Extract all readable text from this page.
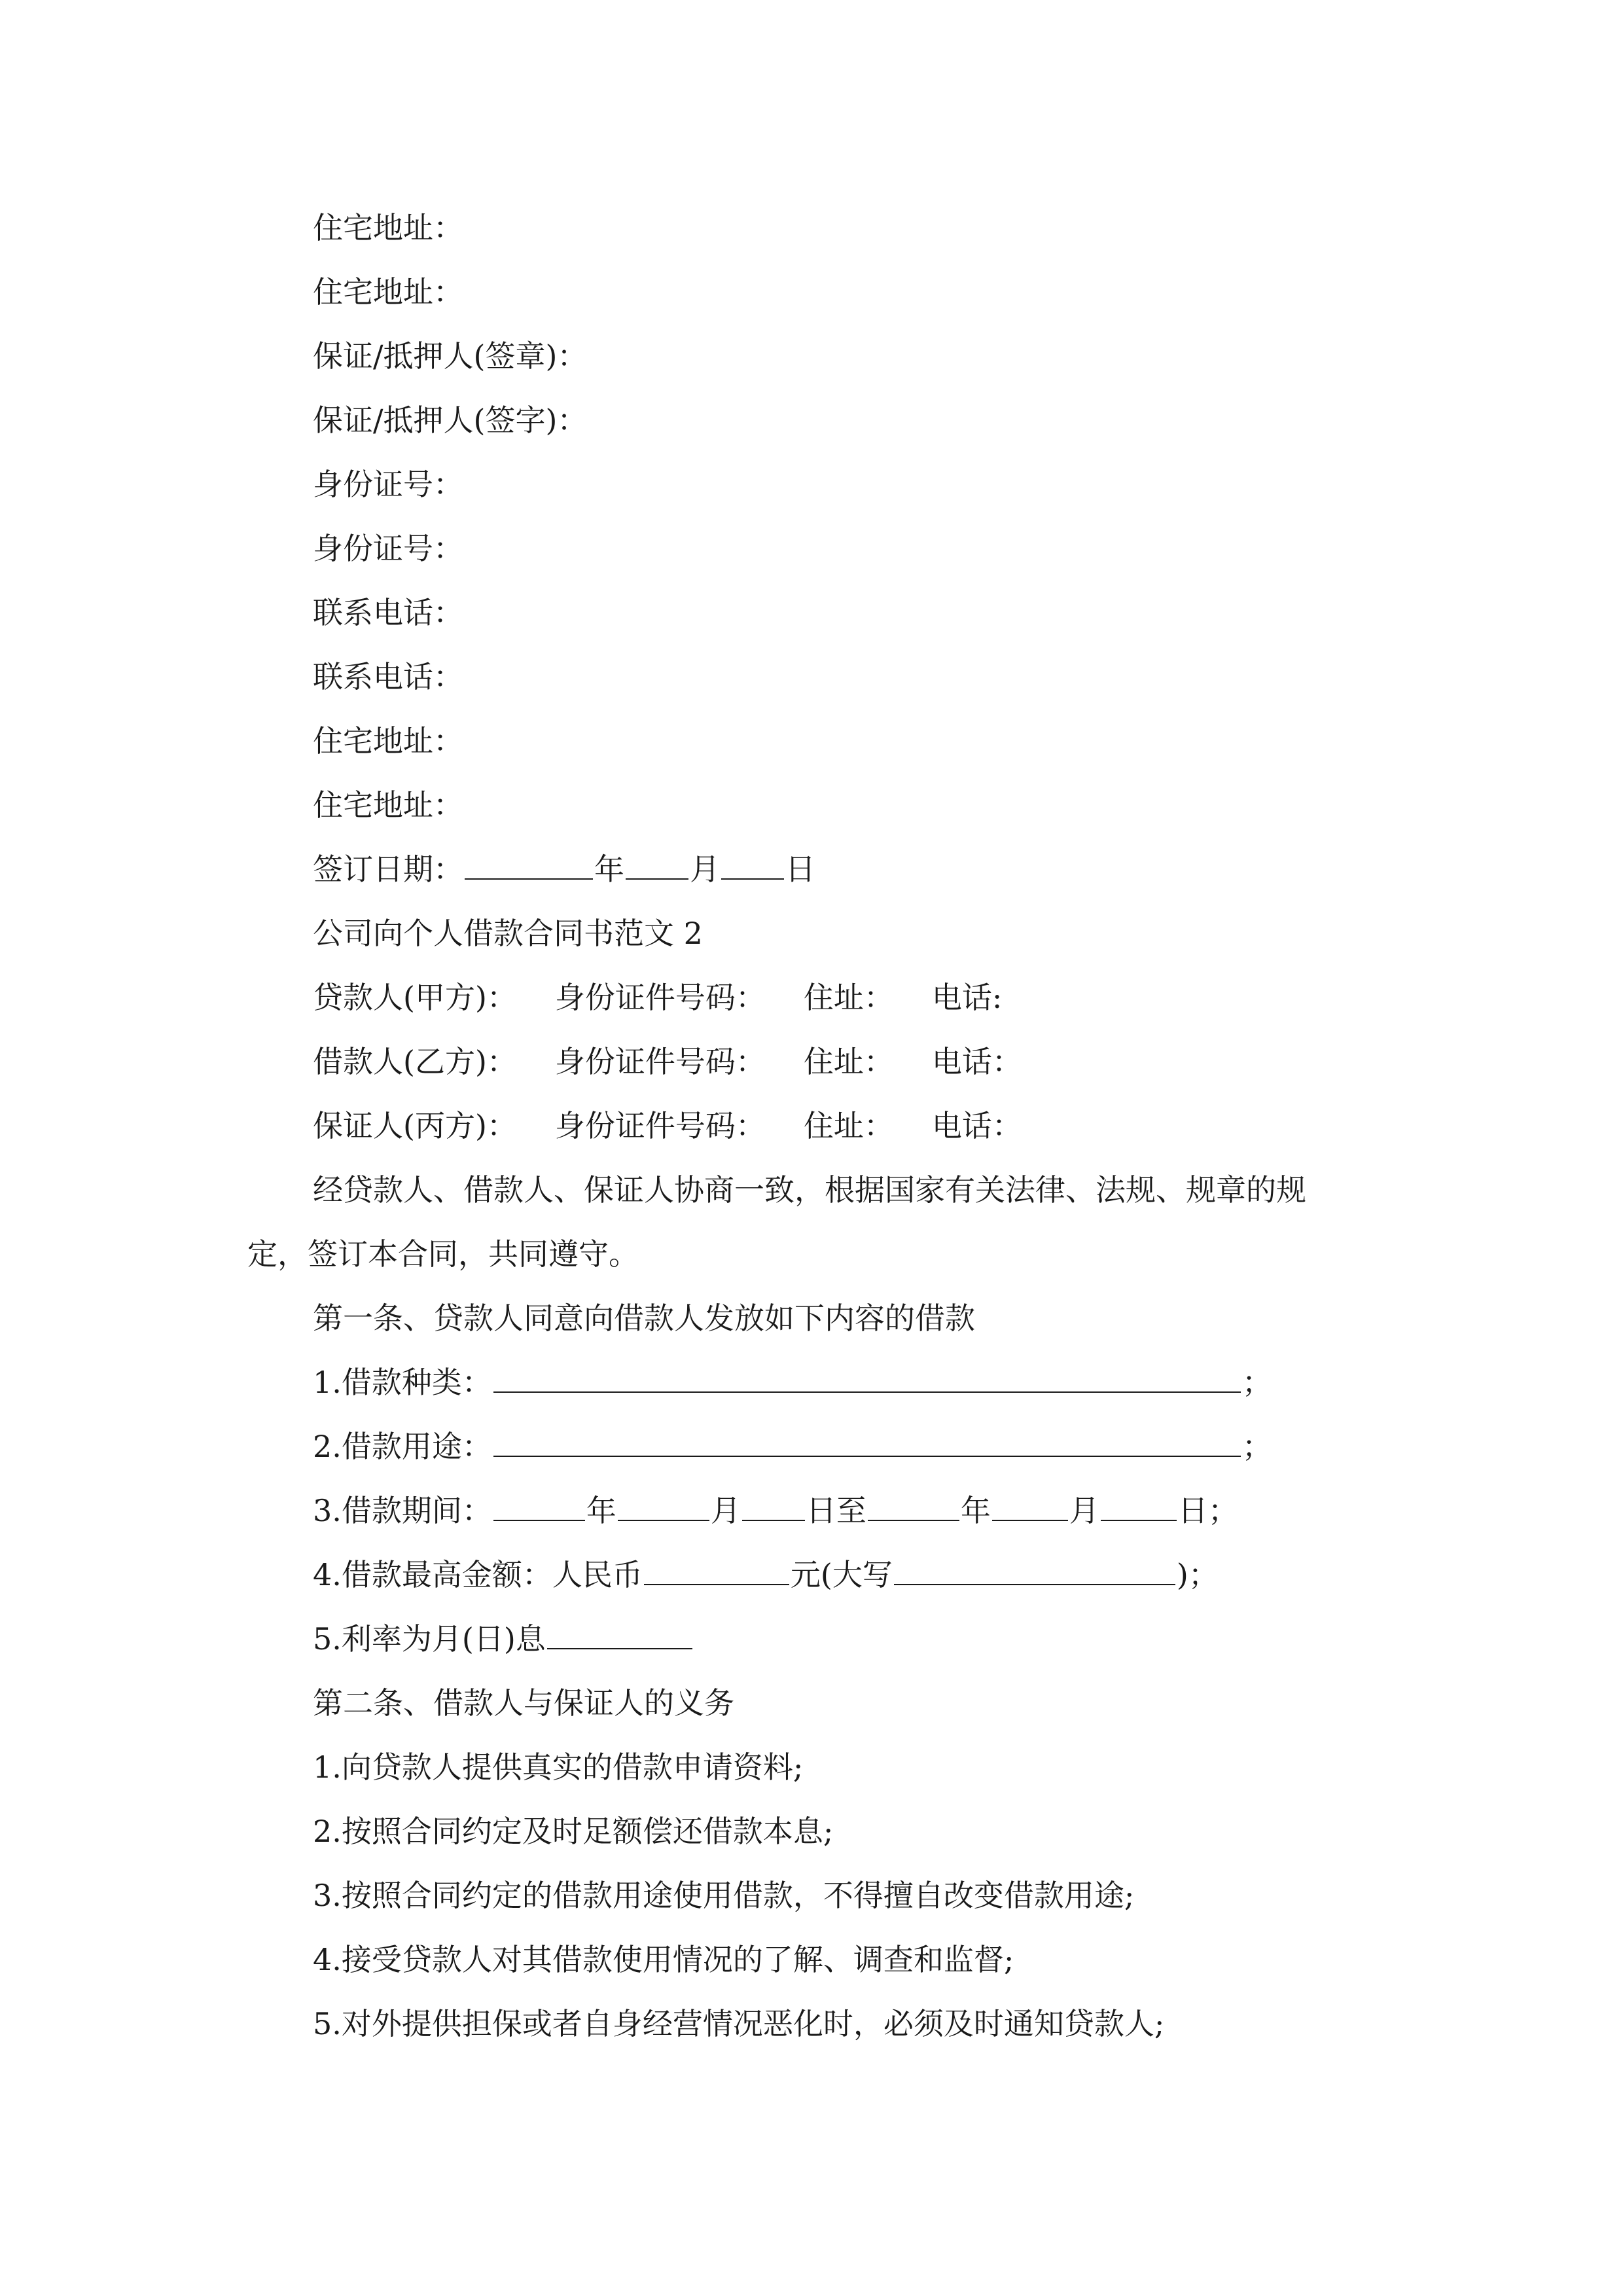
住宅地址：
住宅地址：
保证/抵押人(签章)：
保证/抵押人(签字)：
身份证号：
身份证号：
联系电话：
联系电话：
住宅地址：
住宅地址：
签订日期：	年 月 日
公司向个人借款合同书范文 2
贷款人(甲方)： 身份证件号码： 住址： 电话:
借款人(乙方)： 身份证件号码： 住址： 电话：
保证人(丙方)： 身份证件号码： 住址： 电话：
经贷款人、借款人、保证人协商一致，根据国家有关法律、法规、规章的规
定，签订本合同，共同遵守。
第一条、贷款人同意向借款人发放如下内容的借款
1.借款种类：	；
2.借款用途：	；
3.借款期间：	年	月 日至	年	月	日；
4.借款最高金额：人民币	元(大写	)；
5.利率为月(日)息
第二条、借款人与保证人的义务
1.向贷款人提供真实的借款申请资料;
2.按照合同约定及时足额偿还借款本息;
3.按照合同约定的借款用途使用借款，不得擅自改变借款用途;
4.接受贷款人对其借款使用情况的了解、调查和监督;
5.对外提供担保或者自身经营情况恶化时，必须及时通知贷款人;
